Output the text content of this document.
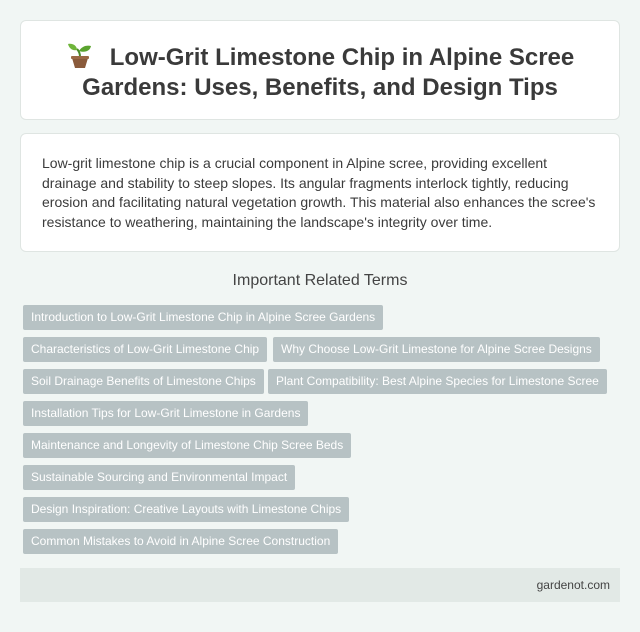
Low-Grit Limestone Chip in Alpine Scree Gardens: Uses, Benefits, and Design Tips

Low-grit limestone chip is a crucial component in Alpine scree, providing excellent drainage and stability to steep slopes. Its angular fragments interlock tightly, reducing erosion and facilitating natural vegetation growth. This material also enhances the scree's resistance to weathering, maintaining the landscape's integrity over time.

Important Related Terms
Introduction to Low-Grit Limestone Chip in Alpine Scree Gardens
Characteristics of Low-Grit Limestone Chip	Why Choose Low-Grit Limestone for Alpine Scree Designs
Soil Drainage Benefits of Limestone Chips	Plant Compatibility: Best Alpine Species for Limestone Scree
Installation Tips for Low-Grit Limestone in Gardens
Maintenance and Longevity of Limestone Chip Scree Beds
Sustainable Sourcing and Environmental Impact
Design Inspiration: Creative Layouts with Limestone Chips
Common Mistakes to Avoid in Alpine Scree Construction
gardenot.com
